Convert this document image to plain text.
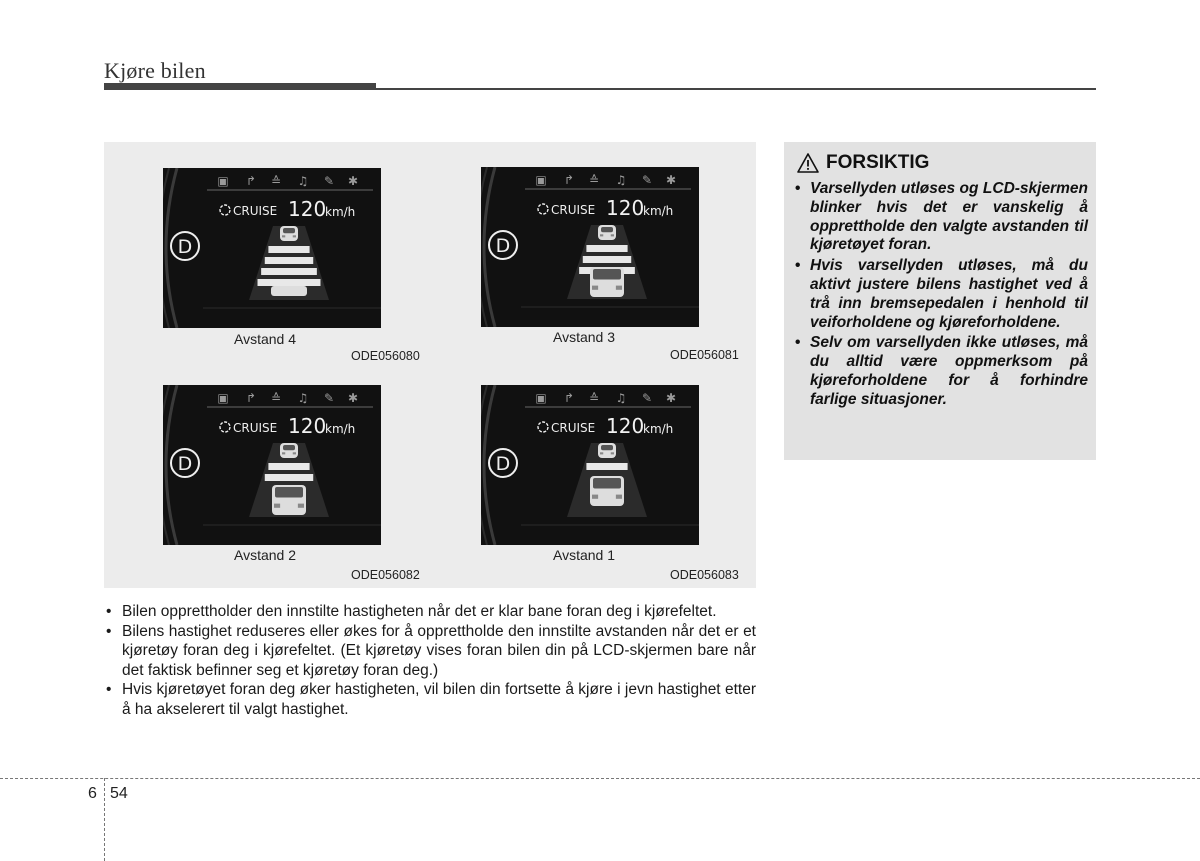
Kjøre bilen
▣ ↱ ≙ ♫ ✎ ✱
CRUISE 120
km/h
D
Avstand 4
ODE056080
▣ ↱ ≙ ♫ ✎ ✱
CRUISE 120
km/h
D
Avstand 3
ODE056081
▣ ↱ ≙ ♫ ✎ ✱
CRUISE 120
km/h
D
Avstand 2
ODE056082
▣ ↱ ≙ ♫ ✎ ✱
CRUISE 120
km/h
D
Avstand 1
ODE056083
• Bilen opprettholder den innstilte hastigheten når det er klar bane foran deg i kjørefeltet.
• Bilens hastighet reduseres eller økes for å opprettholde den innstilte avstanden når det er et kjøretøy foran deg i kjørefeltet. (Et kjøretøy vises foran bilen din på LCD-skjermen bare når det faktisk befinner seg et kjøretøy foran deg.)
• Hvis kjøretøyet foran deg øker hastigheten, vil bilen din fortsette å kjøre i jevn hastighet etter å ha akselerert til valgt hastighet.
FORSIKTIG
• Varsellyden utløses og LCD-skjermen blinker hvis det er vanskelig å opprettholde den valgte avstanden til kjøretøyet foran.
• Hvis varsellyden utløses, må du aktivt justere bilens hastighet ved å trå inn bremsepedalen i henhold til veiforholdene og kjøreforholdene.
• Selv om varsellyden ikke utløses, må du alltid være oppmerksom på kjøreforholdene for å forhindre farlige situasjoner.
6 54
